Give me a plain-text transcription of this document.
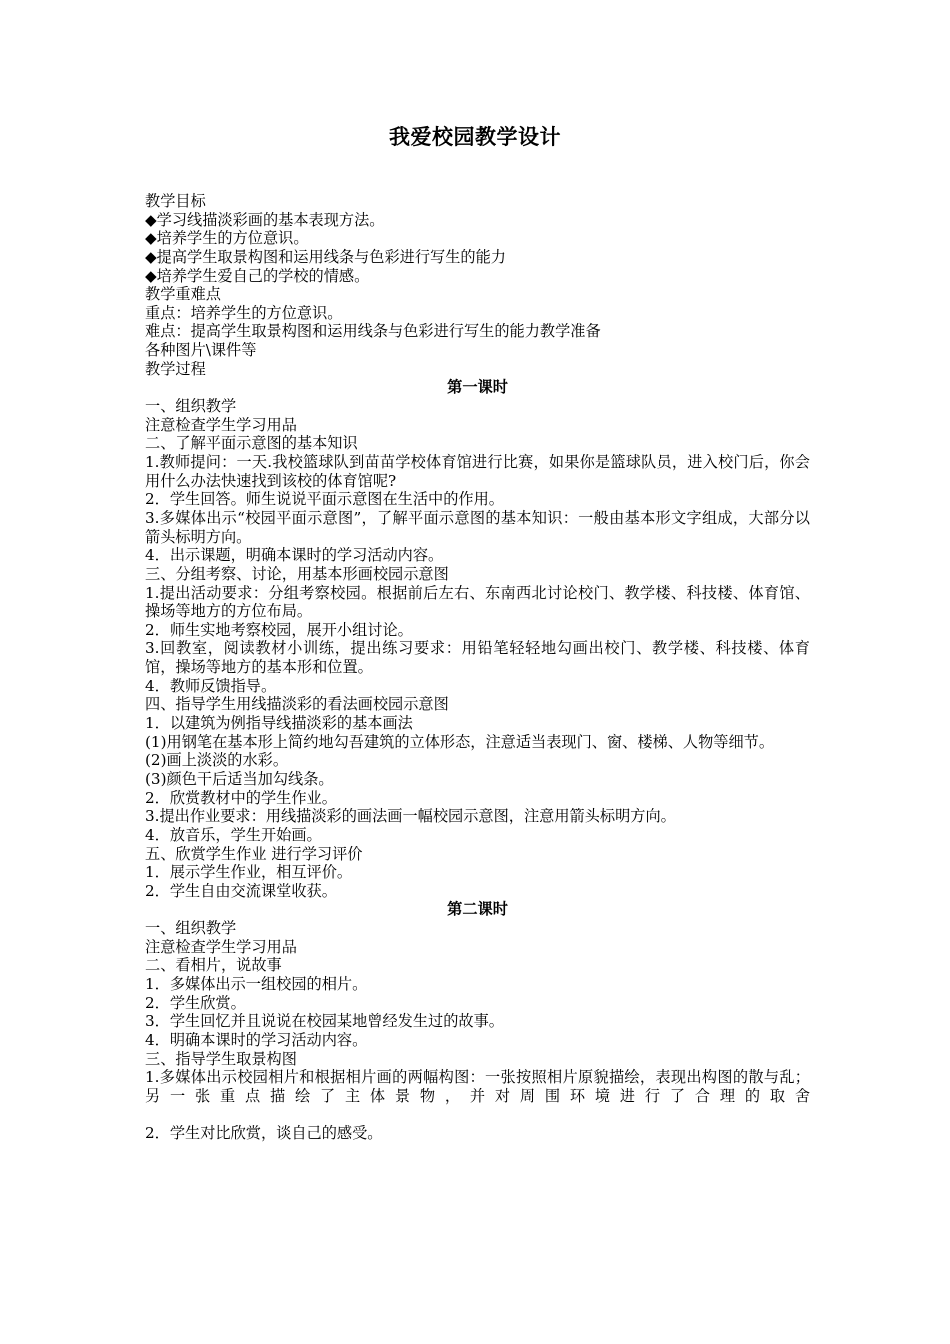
我爱校园教学设计
教学目标
◆学习线描淡彩画的基本表现方法。
◆培养学生的方位意识。
◆提高学生取景构图和运用线条与色彩进行写生的能力
◆培养学生爱自己的学校的情感。
教学重难点
重点：培养学生的方位意识。
难点：提高学生取景构图和运用线条与色彩进行写生的能力教学准备
各种图片\课件等
教学过程
第一课时
一、组织教学
注意检查学生学习用品
二、了解平面示意图的基本知识
1.教师提问：一天.我校篮球队到苗苗学校体育馆进行比赛，如果你是篮球队员，进入校门后，你会用什么办法快速找到该校的体育馆呢?
2．学生回答。师生说说平面示意图在生活中的作用。
3.多媒体出示“校园平面示意图”，了解平面示意图的基本知识：一般由基本形文字组成，大部分以箭头标明方向。
4．出示课题，明确本课时的学习活动内容。
三、分组考察、讨论，用基本形画校园示意图
1.提出活动要求：分组考察校园。根据前后左右、东南西北讨论校门、教学楼、科技楼、体育馆、操场等地方的方位布局。
2．师生实地考察校园，展开小组讨论。
3.回教室，阅读教材小训练，提出练习要求：用铅笔轻轻地勾画出校门、教学楼、科技楼、体育馆，操场等地方的基本形和位置。
4．教师反馈指导。
四、指导学生用线描淡彩的看法画校园示意图
1．以建筑为例指导线描淡彩的基本画法
(1)用钢笔在基本形上简约地勾吾建筑的立体形态，注意适当表现门、窗、楼梯、人物等细节。
(2)画上淡淡的水彩。
(3)颜色干后适当加勾线条。
2．欣赏教材中的学生作业。
3.提出作业要求：用线描淡彩的画法画一幅校园示意图，注意用箭头标明方向。
4．放音乐，学生开始画。
五、欣赏学生作业 进行学习评价
1．展示学生作业，相互评价。
2．学生自由交流课堂收获。
第二课时
一、组织教学
注意检查学生学习用品
二、看相片，说故事
1．多媒体出示一组校园的相片。
2．学生欣赏。
3．学生回忆并且说说在校园某地曾经发生过的故事。
4．明确本课时的学习活动内容。
三、指导学生取景构图
1.多媒体出示校园相片和根据相片画的两幅构图：一张按照相片原貌描绘，表现出构图的散与乱；另一张重点描绘了主体景物，并对周围环境进行了合理的取舍
2．学生对比欣赏，谈自己的感受。
